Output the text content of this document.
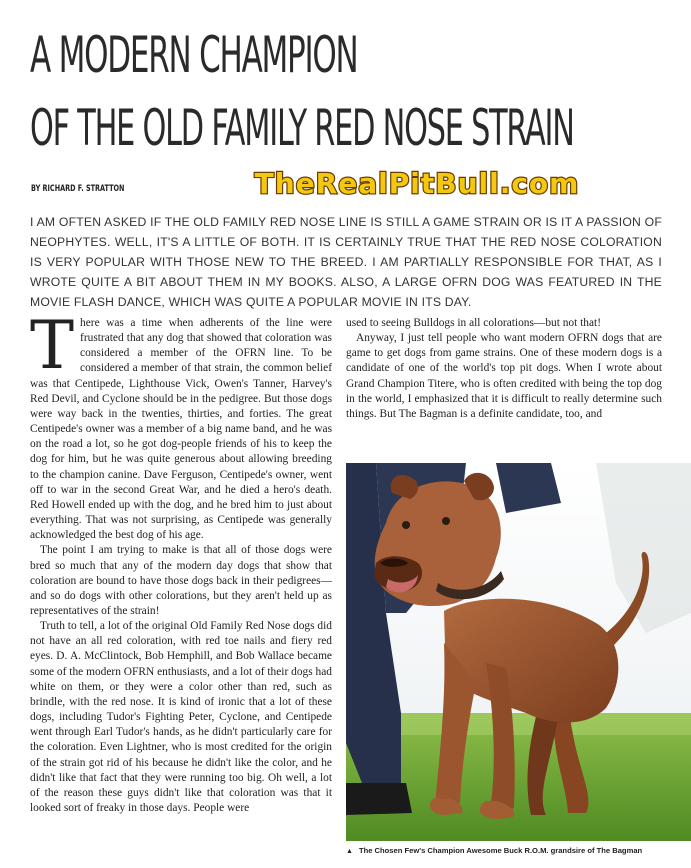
A MODERN CHAMPION
OF THE OLD FAMILY RED NOSE STRAIN
BY RICHARD F. STRATTON	TheRealPitBull.com

I AM OFTEN ASKED IF THE OLD FAMILY RED NOSE LINE IS STILL A GAME STRAIN OR IS IT A PASSION OF NEOPHYTES. WELL, IT'S A LITTLE OF BOTH. IT IS CERTAINLY TRUE THAT THE RED NOSE COLORATION IS VERY POPULAR WITH THOSE NEW TO THE BREED. I AM PARTIALLY RESPONSIBLE FOR THAT, AS I WROTE QUITE A BIT ABOUT THEM IN MY BOOKS. ALSO, A LARGE OFRN DOG WAS FEATURED IN THE MOVIE FLASH DANCE, WHICH WAS QUITE A POPULAR MOVIE IN ITS DAY.

T here was a time when adherents of the line were frustrated that any dog that showed that coloration was considered a member of the OFRN line. To be considered a member of that strain, the common belief was that Centipede, Lighthouse Vick, Owen's Tanner, Harvey's Red Devil, and Cyclone should be in the pedigree. But those dogs were way back in the twenties, thirties, and forties. The great Centipede's owner was a member of a big name band, and he was on the road a lot, so he got dog-people friends of his to keep the dog for him, but he was quite generous about allowing breeding to the champion canine. Dave Ferguson, Centipede's owner, went off to war in the second Great War, and he died a hero's death. Red Howell ended up with the dog, and he bred him to just about everything. That was not surprising, as Centipede was generally acknowledged the best dog of his age.

The point I am trying to make is that all of those dogs were bred so much that any of the modern day dogs that show that coloration are bound to have those dogs back in their pedigrees—and so do dogs with other colorations, but they aren't held up as representatives of the strain!

Truth to tell, a lot of the original Old Family Red Nose dogs did not have an all red coloration, with red toe nails and fiery red eyes. D. A. McClintock, Bob Hemphill, and Bob Wallace became some of the modern OFRN enthusiasts, and a lot of their dogs had white on them, or they were a color other than red, such as brindle, with the red nose. It is kind of ironic that a lot of these dogs, including Tudor's Fighting Peter, Cyclone, and Centipede went through Earl Tudor's hands, as he didn't particularly care for the coloration. Even Lightner, who is most credited for the origin of the strain got rid of his because he didn't like the color, and he didn't like that fact that they were running too big. Oh well, a lot of the reason these guys didn't like that coloration was that it looked sort of freaky in those days. People were

used to seeing Bulldogs in all colorations—but not that!

Anyway, I just tell people who want modern OFRN dogs that are game to get dogs from game strains. One of these modern dogs is a candidate of one of the world's top pit dogs. When I wrote about Grand Champion Titere, who is often credited with being the top dog in the world, I emphasized that it is difficult to really determine such things. But The Bagman is a definite candidate, too, and

▲ The Chosen Few's Champion Awesome Buck R.O.M. grandsire of The Bagman
